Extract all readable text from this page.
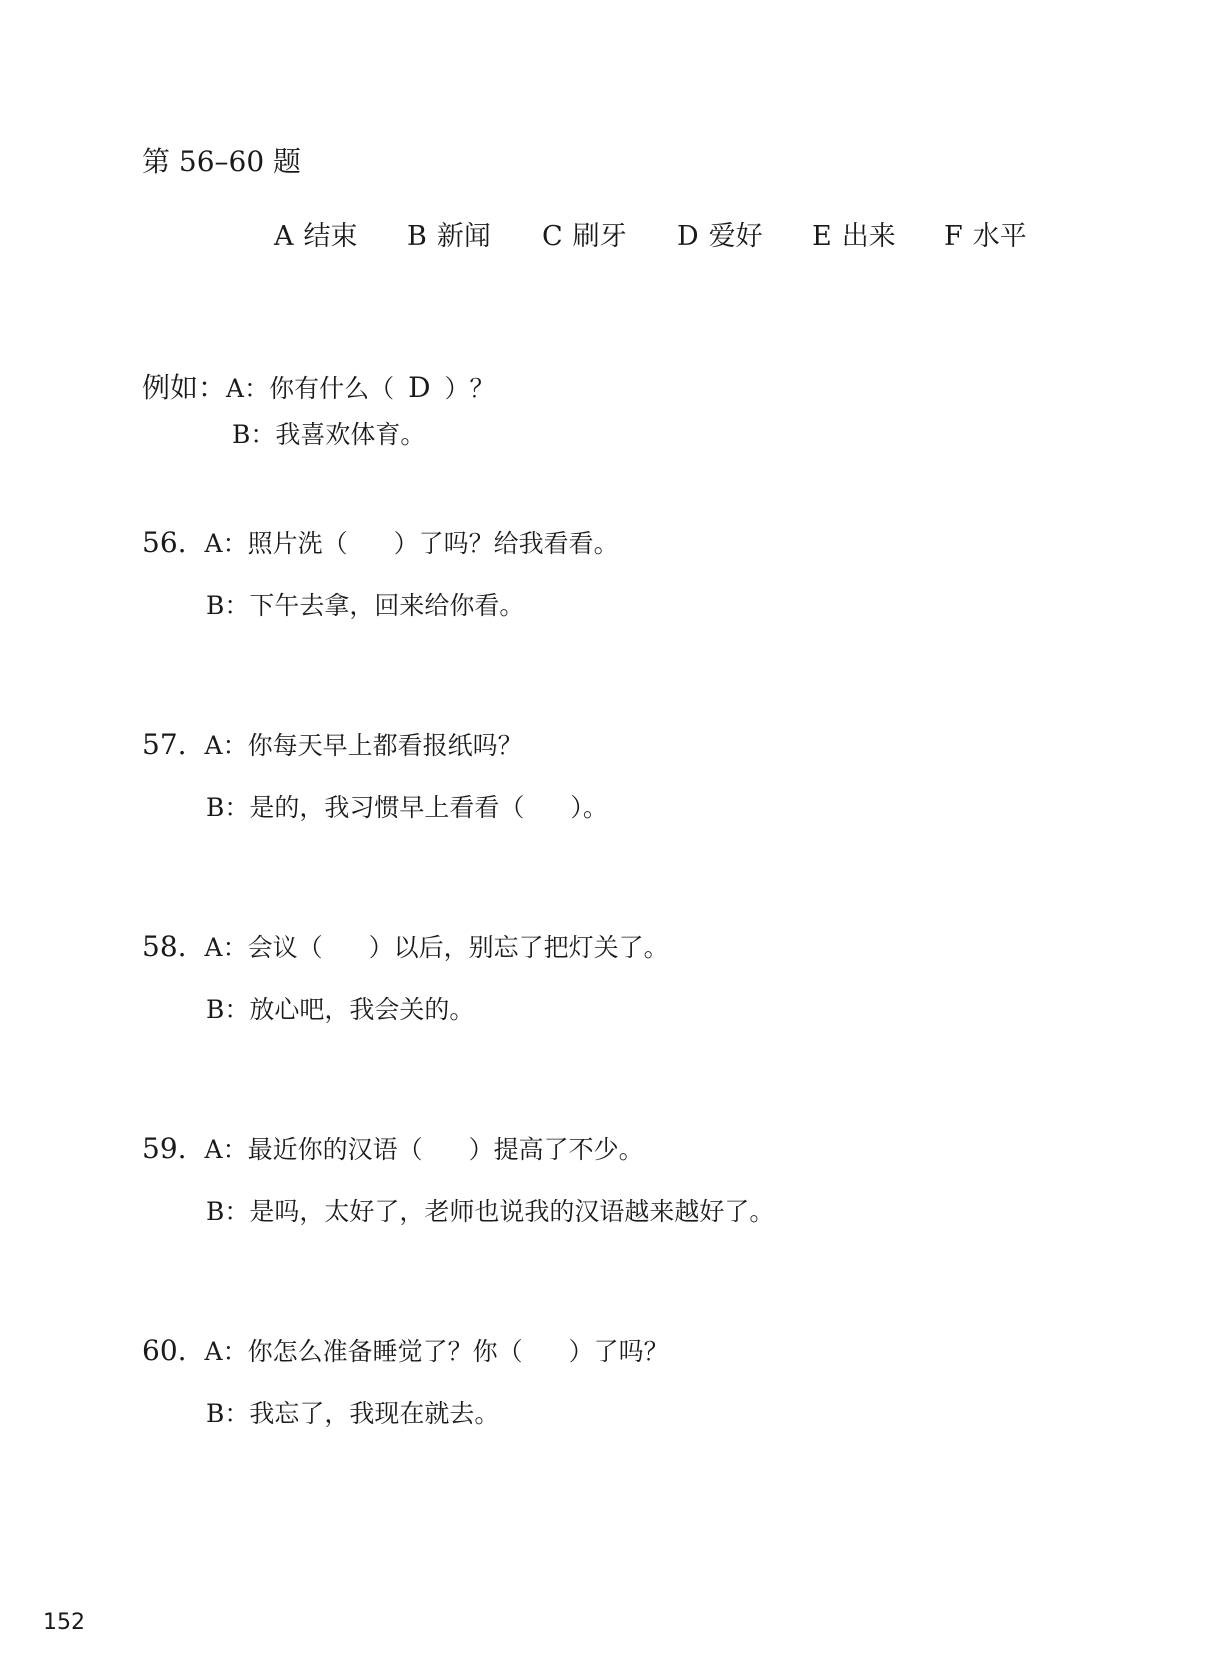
第 56–60 题
A 结束 B 新闻 C 刷牙 D 爱好 E 出来 F 水平
例如：A：你有什么（ D ）？
B：我喜欢体育。
56. A：照片洗（ ）了吗？给我看看。
B：下午去拿，回来给你看。
57. A：你每天早上都看报纸吗？
B：是的，我习惯早上看看（ ）。
58. A：会议（ ）以后，别忘了把灯关了。
B：放心吧，我会关的。
59. A：最近你的汉语（ ）提高了不少。
B：是吗，太好了，老师也说我的汉语越来越好了。
60. A：你怎么准备睡觉了？你（ ）了吗？
B：我忘了，我现在就去。
152
